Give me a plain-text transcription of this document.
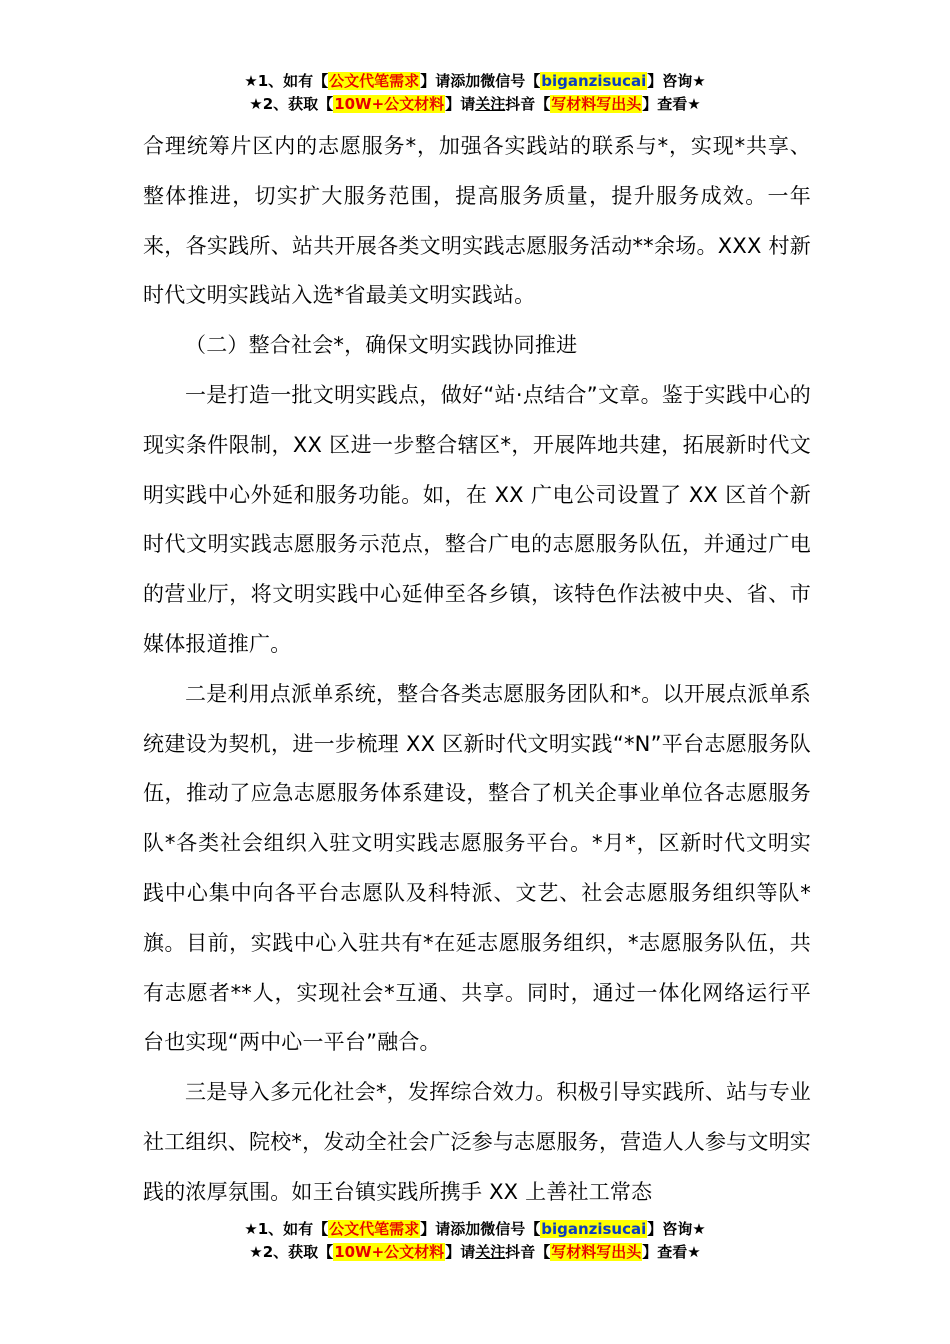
★1、如有【公文代笔需求】请添加微信号【biganzisucai】咨询★
★2、获取【10W+公文材料】请关注抖音【写材料写出头】查看★

合理统筹片区内的志愿服务*，加强各实践站的联系与*，实现*共享、整体推进，切实扩大服务范围，提高服务质量，提升服务成效。一年来，各实践所、站共开展各类文明实践志愿服务活动**余场。XXX 村新时代文明实践站入选*省最美文明实践站。

（二）整合社会*，确保文明实践协同推进

一是打造一批文明实践点，做好“站·点结合”文章。鉴于实践中心的现实条件限制，XX 区进一步整合辖区*，开展阵地共建，拓展新时代文明实践中心外延和服务功能。如，在 XX 广电公司设置了 XX 区首个新时代文明实践志愿服务示范点，整合广电的志愿服务队伍，并通过广电的营业厅，将文明实践中心延伸至各乡镇，该特色作法被中央、省、市媒体报道推广。

二是利用点派单系统，整合各类志愿服务团队和*。以开展点派单系统建设为契机，进一步梳理 XX 区新时代文明实践“*N”平台志愿服务队伍，推动了应急志愿服务体系建设，整合了机关企事业单位各志愿服务队*各类社会组织入驻文明实践志愿服务平台。*月*，区新时代文明实践中心集中向各平台志愿队及科特派、文艺、社会志愿服务组织等队*旗。目前，实践中心入驻共有*在延志愿服务组织，*志愿服务队伍，共有志愿者**人，实现社会*互通、共享。同时，通过一体化网络运行平台也实现“两中心一平台”融合。

三是导入多元化社会*，发挥综合效力。积极引导实践所、站与专业社工组织、院校*，发动全社会广泛参与志愿服务，营造人人参与文明实践的浓厚氛围。如王台镇实践所携手 XX 上善社工常态

★1、如有【公文代笔需求】请添加微信号【biganzisucai】咨询★
★2、获取【10W+公文材料】请关注抖音【写材料写出头】查看★
